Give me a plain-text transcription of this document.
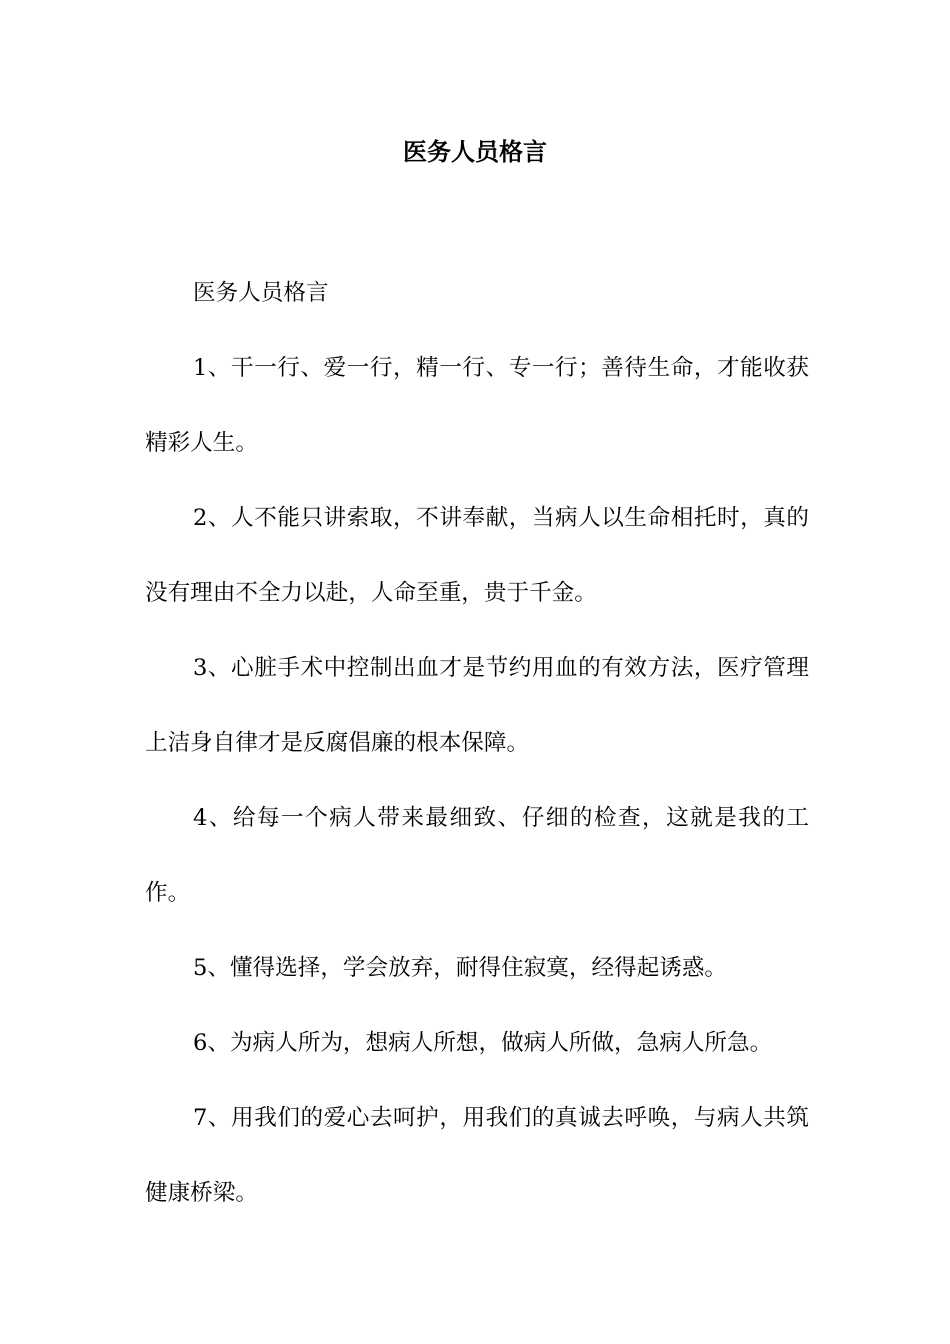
医务人员格言

医务人员格言

1、干一行、爱一行，精一行、专一行；善待生命，才能收获精彩人生。

2、人不能只讲索取，不讲奉献，当病人以生命相托时，真的没有理由不全力以赴，人命至重，贵于千金。

3、心脏手术中控制出血才是节约用血的有效方法，医疗管理上洁身自律才是反腐倡廉的根本保障。

4、给每一个病人带来最细致、仔细的检查，这就是我的工作。

5、懂得选择，学会放弃，耐得住寂寞，经得起诱惑。

6、为病人所为，想病人所想，做病人所做，急病人所急。

7、用我们的爱心去呵护，用我们的真诚去呼唤，与病人共筑健康桥梁。
